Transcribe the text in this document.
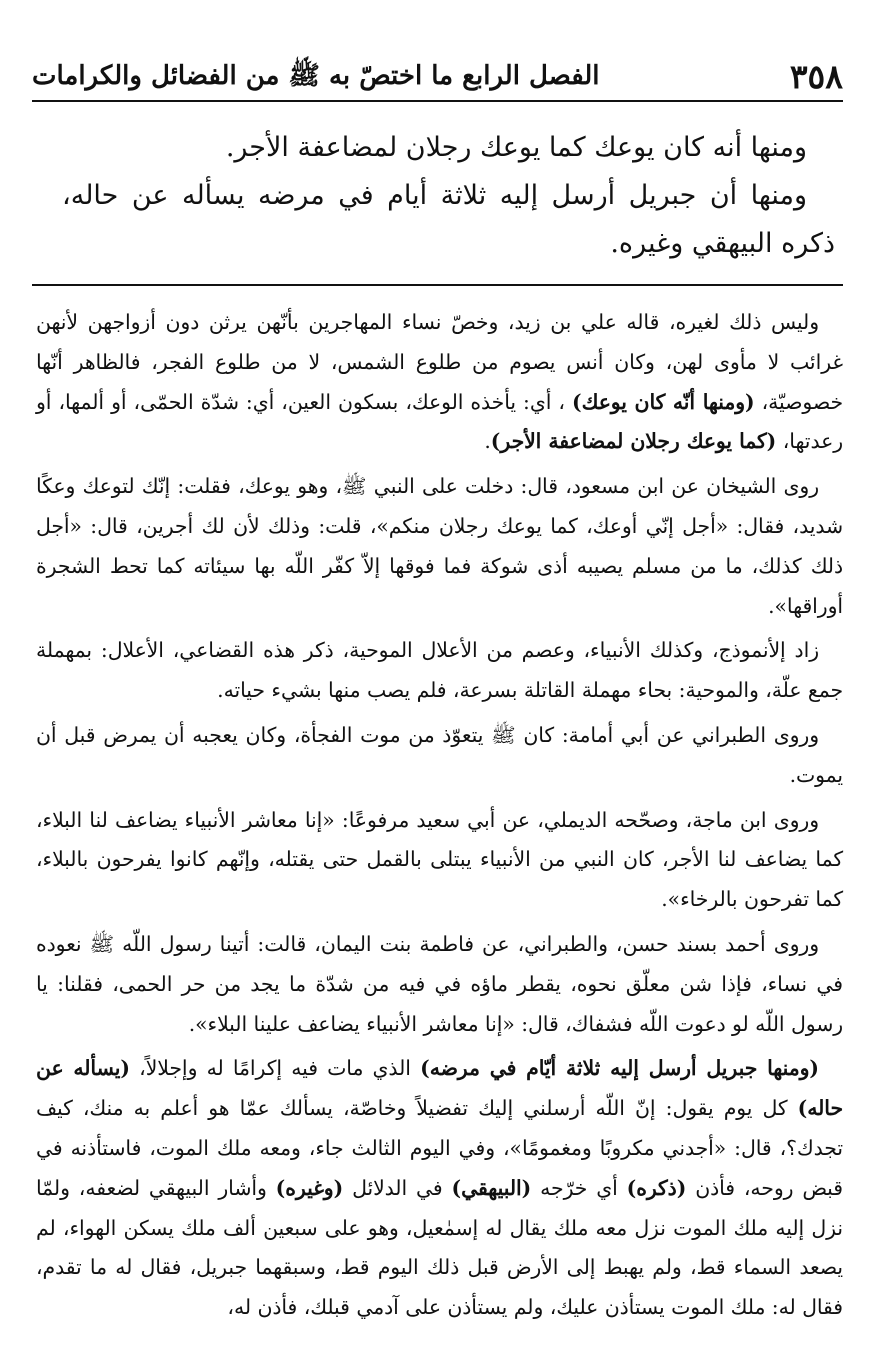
٣٥٨
الفصل الرابع ما اختصّ به ﷺ من الفضائل والكرامات

ومنها أنه كان يوعك كما يوعك رجلان لمضاعفة الأجر.

ومنها أن جبريل أرسل إليه ثلاثة أيام في مرضه يسأله عن حاله، ذكره البيهقي وغيره.

وليس ذلك لغيره، قاله علي بن زيد، وخصّ نساء المهاجرين بأنّهن يرثن دون أزواجهن لأنهن غرائب لا مأوى لهن، وكان أنس يصوم من طلوع الشمس، لا من طلوع الفجر، فالظاهر أنّها خصوصيّة، (ومنها أنّه كان يوعك) ، أي: يأخذه الوعك، بسكون العين، أي: شدّة الحمّى، أو ألمها، أو رعدتها، (كما يوعك رجلان لمضاعفة الأجر).

روى الشيخان عن ابن مسعود، قال: دخلت على النبي ﷺ، وهو يوعك، فقلت: إنّك لتوعك وعكًا شديد، فقال: «أجل إنّي أوعك، كما يوعك رجلان منكم»، قلت: وذلك لأن لك أجرين، قال: «أجل ذلك كذلك، ما من مسلم يصيبه أذى شوكة فما فوقها إلاّ كفّر اللّه بها سيئاته كما تحط الشجرة أوراقها».

زاد إلأنموذج، وكذلك الأنبياء، وعصم من الأعلال الموحية، ذكر هذه القضاعي، الأعلال: بمهملة جمع علّة، والموحية: بحاء مهملة القاتلة بسرعة، فلم يصب منها بشيء حياته.

وروى الطبراني عن أبي أمامة: كان ﷺ يتعوّذ من موت الفجأة، وكان يعجبه أن يمرض قبل أن يموت.

وروى ابن ماجة، وصحّحه الديملي، عن أبي سعيد مرفوعًا: «إنا معاشر الأنبياء يضاعف لنا البلاء، كما يضاعف لنا الأجر، كان النبي من الأنبياء يبتلى بالقمل حتى يقتله، وإنّهم كانوا يفرحون بالبلاء، كما تفرحون بالرخاء».

وروى أحمد بسند حسن، والطبراني، عن فاطمة بنت اليمان، قالت: أتينا رسول اللّه ﷺ نعوده في نساء، فإذا شن معلّق نحوه، يقطر ماؤه في فيه من شدّة ما يجد من حر الحمى، فقلنا: يا رسول اللّه لو دعوت اللّه فشفاك، قال: «إنا معاشر الأنبياء يضاعف علينا البلاء».

(ومنها جبريل أرسل إليه ثلاثة أيّام في مرضه) الذي مات فيه إكرامًا له وإجلالاً، (يسأله عن حاله) كل يوم يقول: إنّ اللّه أرسلني إليك تفضيلاً وخاصّة، يسألك عمّا هو أعلم به منك، كيف تجدك؟، قال: «أجدني مكروبًا ومغمومًا»، وفي اليوم الثالث جاء، ومعه ملك الموت، فاستأذنه في قبض روحه، فأذن (ذكره) أي خرّجه (البيهقي) في الدلائل (وغيره) وأشار البيهقي لضعفه، ولمّا نزل إليه ملك الموت نزل معه ملك يقال له إسمٰعيل، وهو على سبعين ألف ملك يسكن الهواء، لم يصعد السماء قط، ولم يهبط إلى الأرض قبل ذلك اليوم قط، وسبقهما جبريل، فقال له ما تقدم، فقال له: ملك الموت يستأذن عليك، ولم يستأذن على آدمي قبلك، فأذن له،
